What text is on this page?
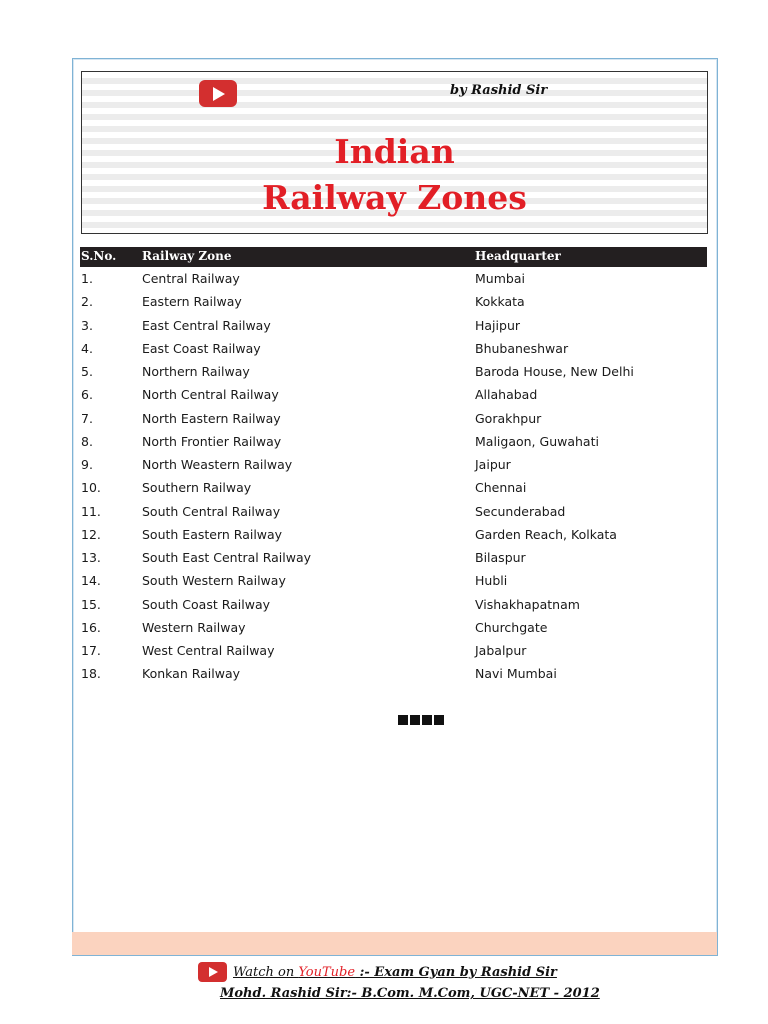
by Rashid Sir
Indian
Railway Zones
S.No. Railway Zone	Headquarter
1.	Central Railway	Mumbai
2.	Eastern Railway	Kokkata
3.	East Central Railway	Hajipur
4.	East Coast Railway	Bhubaneshwar
5.	Northern Railway	Baroda House, New Delhi
6.	North Central Railway	Allahabad
7.	North Eastern Railway	Gorakhpur
8.	North Frontier Railway	Maligaon, Guwahati
9.	North Weastern Railway	Jaipur
10.	Southern Railway	Chennai
11.	South Central Railway	Secunderabad
12.	South Eastern Railway	Garden Reach, Kolkata
13.	South East Central Railway	Bilaspur
14.	South Western Railway	Hubli
15.	South Coast Railway	Vishakhapatnam
16.	Western Railway	Churchgate
17.	West Central Railway	Jabalpur
18.	Konkan Railway	Navi Mumbai
Watch on YouTube :- Exam Gyan by Rashid Sir
Mohd. Rashid Sir:- B.Com. M.Com, UGC-NET - 2012
